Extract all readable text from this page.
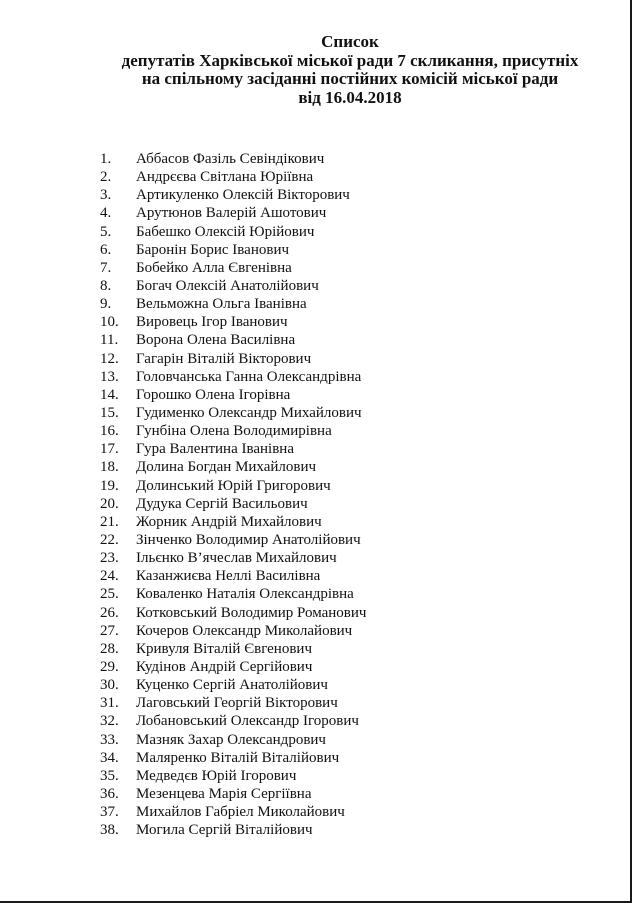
Список
депутатів Харківської міської ради 7 скликання, присутніх
на спільному засіданні постійних комісій міської ради
від 16.04.2018
1. Аббасов Фазіль Севіндікович
2. Андрєєва Світлана Юріївна
3. Артикуленко Олексій Вікторович
4. Арутюнов Валерій Ашотович
5. Бабешко Олексій Юрійович
6. Баронін Борис Іванович
7. Бобейко Алла Євгенівна
8. Богач Олексій Анатолійович
9. Вельможна Ольга Іванівна
10. Вировець Ігор Іванович
11. Ворона Олена Василівна
12. Гагарін Віталій Вікторович
13. Головчанська Ганна Олександрівна
14. Горошко Олена Ігорівна
15. Гудименко Олександр Михайлович
16. Гунбіна Олена Володимирівна
17. Гура Валентина Іванівна
18. Долина Богдан Михайлович
19. Долинський Юрій Григорович
20. Дудука Сергій Васильович
21. Жорник Андрій Михайлович
22. Зінченко Володимир Анатолійович
23. Ільєнко В’ячеслав Михайлович
24. Казанжиєва Неллі Василівна
25. Коваленко Наталія Олександрівна
26. Котковський Володимир Романович
27. Кочеров Олександр Миколайович
28. Кривуля Віталій Євгенович
29. Кудінов Андрій Сергійович
30. Куценко Сергій Анатолійович
31. Лаговський Георгій Вікторович
32. Лобановський Олександр Ігорович
33. Мазняк Захар Олександрович
34. Маляренко Віталій Віталійович
35. Медведєв Юрій Ігорович
36. Мезенцева Марія Сергіївна
37. Михайлов Габріел Миколайович
38. Могила Сергій Віталійович
